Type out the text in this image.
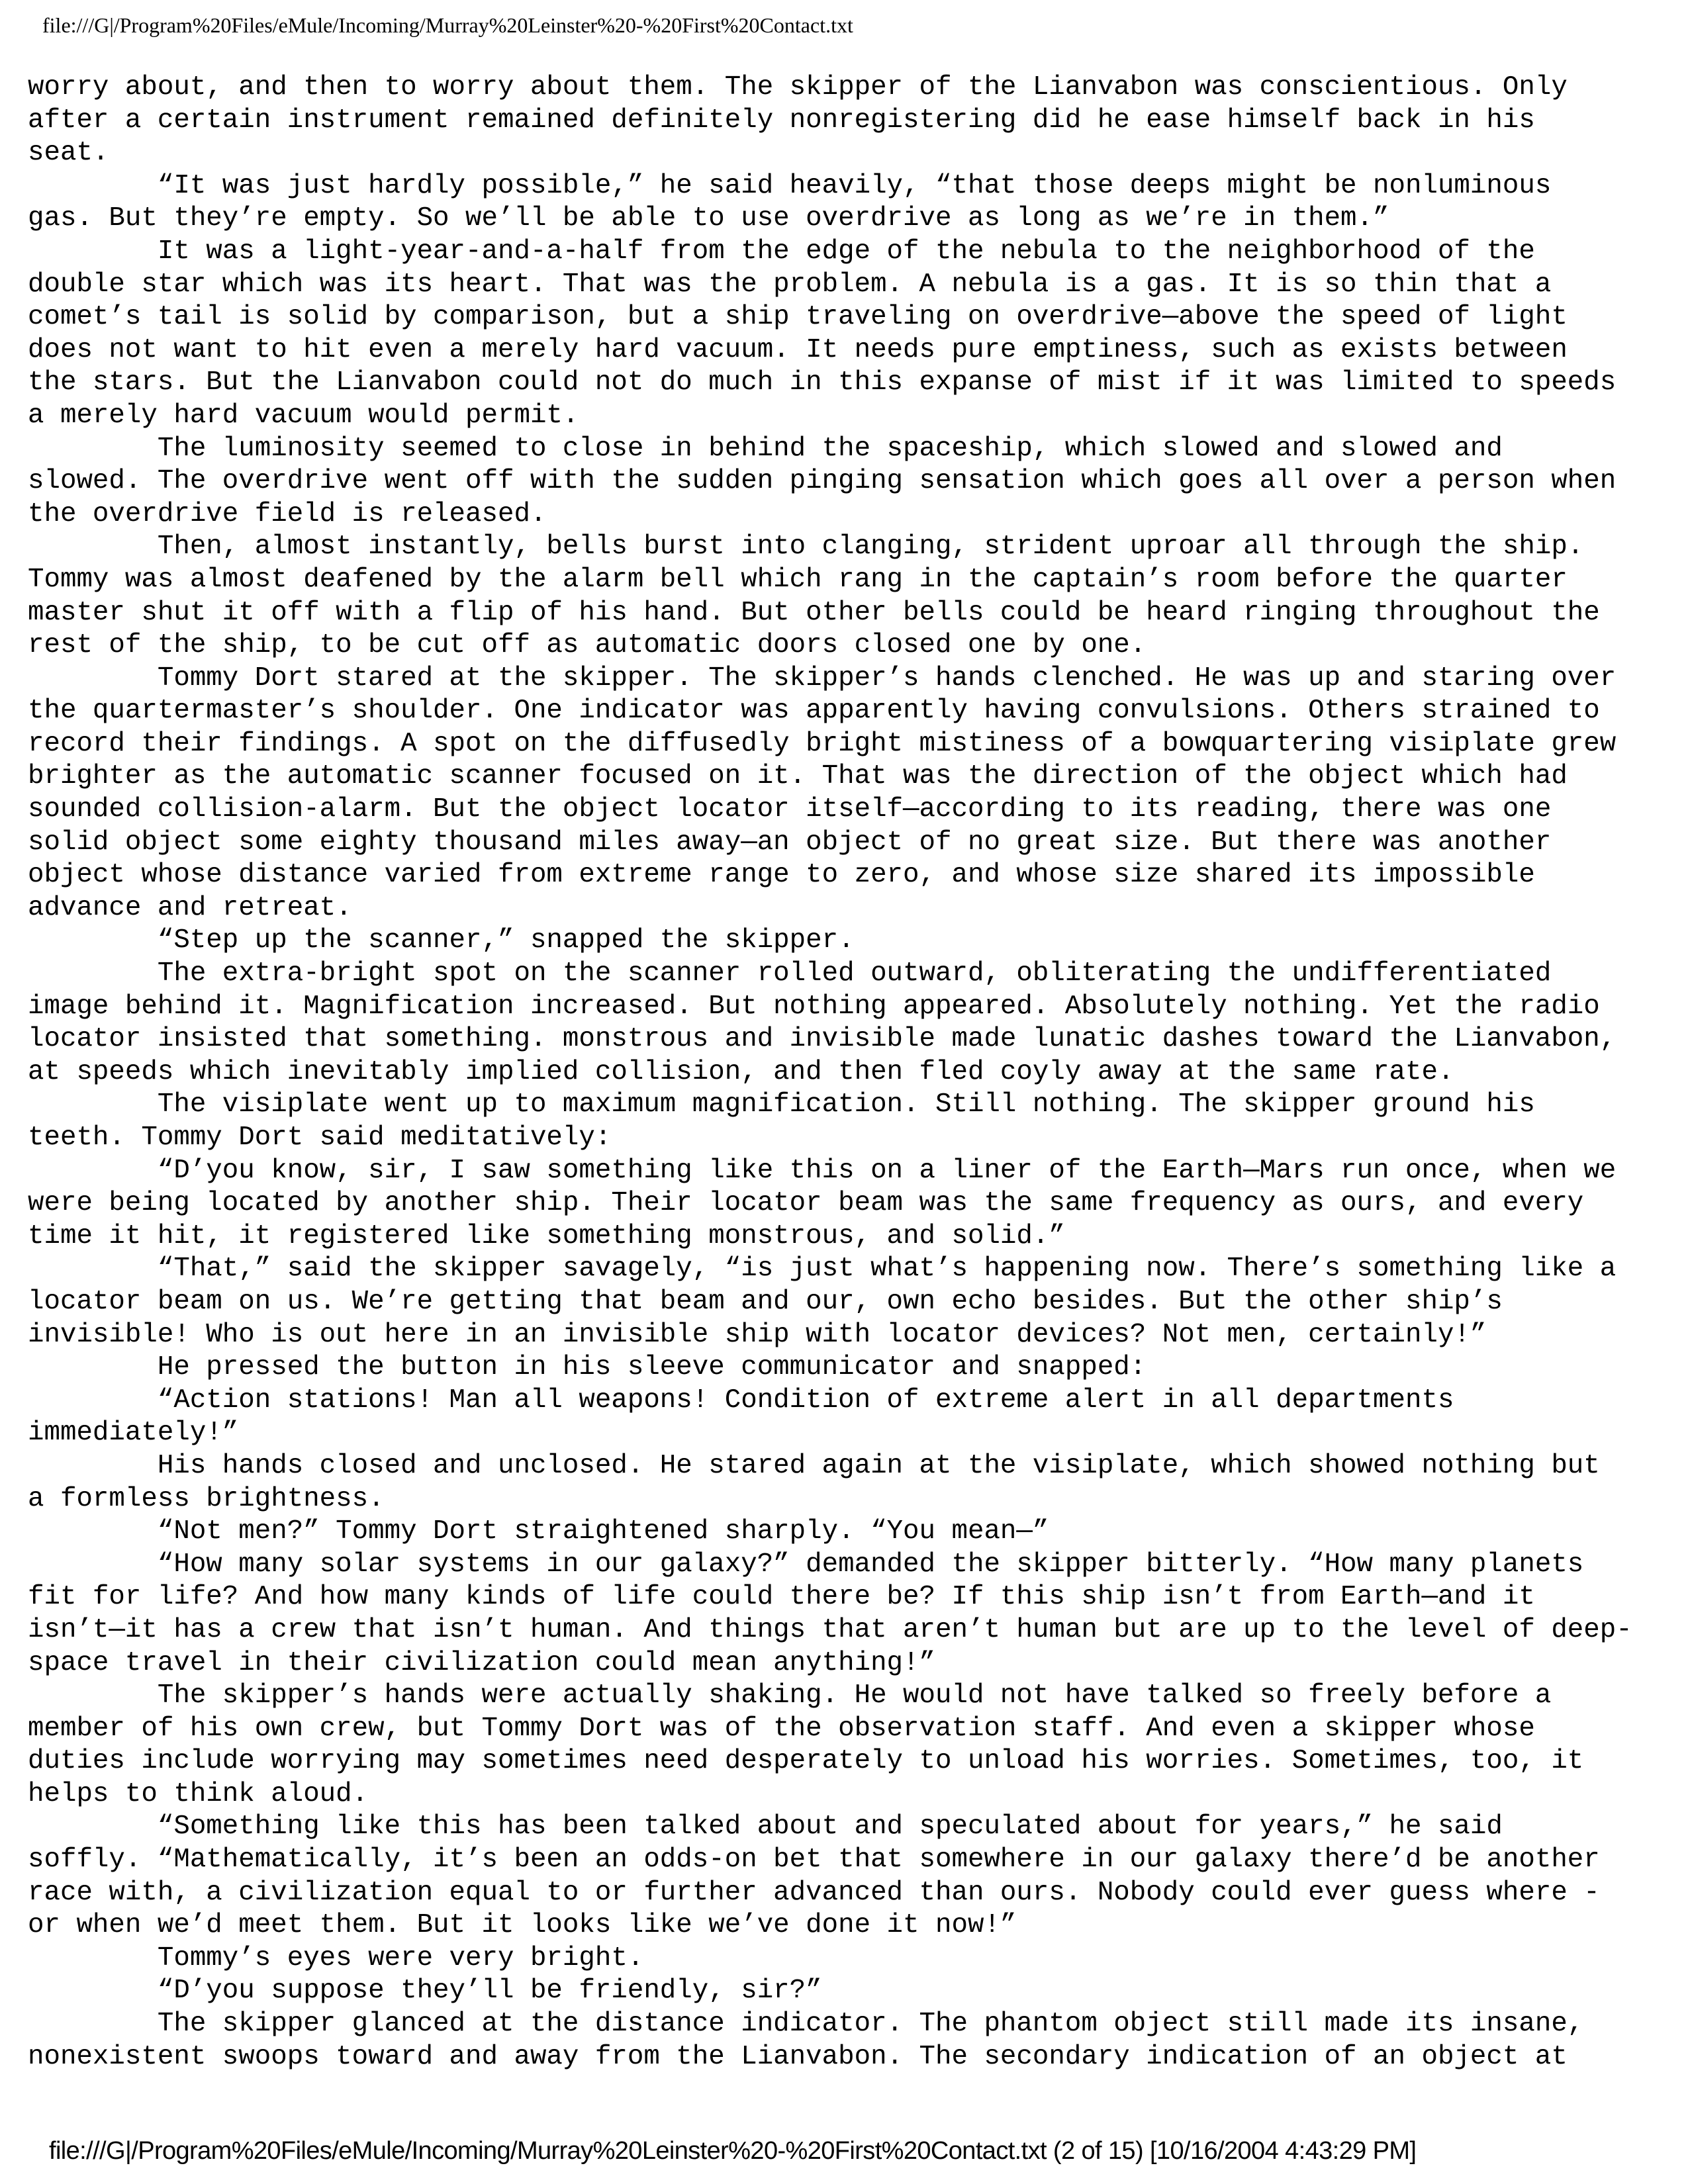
file:///G|/Program%20Files/eMule/Incoming/Murray%20Leinster%20-%20First%20Contact.txt
worry about, and then to worry about them. The skipper of the Lianvabon was conscientious. Only
after a certain instrument remained definitely nonregistering did he ease himself back in his
seat.
“It was just hardly possible,” he said heavily, “that those deeps might be nonluminous
gas. But they’re empty. So we’ll be able to use overdrive as long as we’re in them.”
It was a light-year-and-a-half from the edge of the nebula to the neighborhood of the
double star which was its heart. That was the problem. A nebula is a gas. It is so thin that a
comet’s tail is solid by comparison, but a ship traveling on overdrive—above the speed of light
does not want to hit even a merely hard vacuum. It needs pure emptiness, such as exists between
the stars. But the Lianvabon could not do much in this expanse of mist if it was limited to speeds
a merely hard vacuum would permit.
The luminosity seemed to close in behind the spaceship, which slowed and slowed and
slowed. The overdrive went off with the sudden pinging sensation which goes all over a person when
the overdrive field is released.
Then, almost instantly, bells burst into clanging, strident uproar all through the ship.
Tommy was almost deafened by the alarm bell which rang in the captain’s room before the quarter
master shut it off with a flip of his hand. But other bells could be heard ringing throughout the
rest of the ship, to be cut off as automatic doors closed one by one.
Tommy Dort stared at the skipper. The skipper’s hands clenched. He was up and staring over
the quartermaster’s shoulder. One indicator was apparently having convulsions. Others strained to
record their findings. A spot on the diffusedly bright mistiness of a bowquartering visiplate grew
brighter as the automatic scanner focused on it. That was the direction of the object which had
sounded collision-alarm. But the object locator itself—according to its reading, there was one
solid object some eighty thousand miles away—an object of no great size. But there was another
object whose distance varied from extreme range to zero, and whose size shared its impossible
advance and retreat.
“Step up the scanner,” snapped the skipper.
The extra-bright spot on the scanner rolled outward, obliterating the undifferentiated
image behind it. Magnification increased. But nothing appeared. Absolutely nothing. Yet the radio
locator insisted that something. monstrous and invisible made lunatic dashes toward the Lianvabon,
at speeds which inevitably implied collision, and then fled coyly away at the same rate.
The visiplate went up to maximum magnification. Still nothing. The skipper ground his
teeth. Tommy Dort said meditatively:
“D’you know, sir, I saw something like this on a liner of the Earth—Mars run once, when we
were being located by another ship. Their locator beam was the same frequency as ours, and every
time it hit, it registered like something monstrous, and solid.”
“That,” said the skipper savagely, “is just what’s happening now. There’s something like a
locator beam on us. We’re getting that beam and our, own echo besides. But the other ship’s
invisible! Who is out here in an invisible ship with locator devices? Not men, certainly!”
He pressed the button in his sleeve communicator and snapped:
“Action stations! Man all weapons! Condition of extreme alert in all departments
immediately!”
His hands closed and unclosed. He stared again at the visiplate, which showed nothing but
a formless brightness.
“Not men?” Tommy Dort straightened sharply. “You mean—”
“How many solar systems in our galaxy?” demanded the skipper bitterly. “How many planets
fit for life? And how many kinds of life could there be? If this ship isn’t from Earth—and it
isn’t—it has a crew that isn’t human. And things that aren’t human but are up to the level of deep-
space travel in their civilization could mean anything!”
The skipper’s hands were actually shaking. He would not have talked so freely before a
member of his own crew, but Tommy Dort was of the observation staff. And even a skipper whose
duties include worrying may sometimes need desperately to unload his worries. Sometimes, too, it
helps to think aloud.
“Something like this has been talked about and speculated about for years,” he said
soffly. “Mathematically, it’s been an odds-on bet that somewhere in our galaxy there’d be another
race with, a civilization equal to or further advanced than ours. Nobody could ever guess where -
or when we’d meet them. But it looks like we’ve done it now!”
Tommy’s eyes were very bright.
“D’you suppose they’ll be friendly, sir?”
The skipper glanced at the distance indicator. The phantom object still made its insane,
nonexistent swoops toward and away from the Lianvabon. The secondary indication of an object at
file:///G|/Program%20Files/eMule/Incoming/Murray%20Leinster%20-%20First%20Contact.txt (2 of 15) [10/16/2004 4:43:29 PM]
